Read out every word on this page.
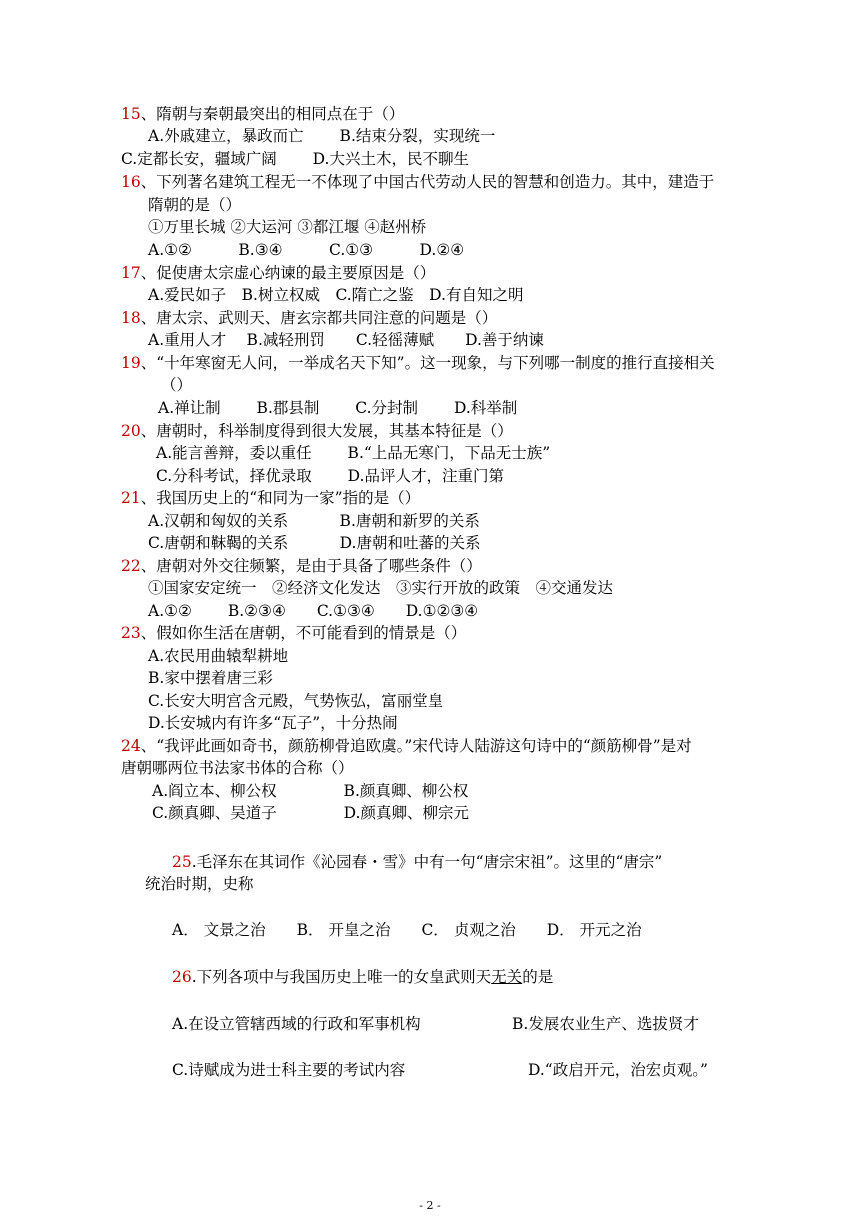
15、隋朝与秦朝最突出的相同点在于（）
A.外戚建立，暴政而亡　　 B.结束分裂，实现统一
C.定都长安，疆域广阔　　 D.大兴土木，民不聊生
16、下列著名建筑工程无一不体现了中国古代劳动人民的智慧和创造力。其中，建造于
隋朝的是（）
①万里长城 ②大运河 ③都江堰 ④赵州桥
A.①②　　　B.③④　　　C.①③　　　D.②④
17、促使唐太宗虚心纳谏的最主要原因是（）
A.爱民如子　B.树立权威　C.隋亡之鉴　D.有自知之明
18、唐太宗、武则天、唐玄宗都共同注意的问题是（）
A.重用人才　 B.减轻刑罚　　C.轻徭薄赋　　D.善于纳谏
19、“十年寒窗无人问，一举成名天下知”。这一现象，与下列哪一制度的推行直接相关
（）
A.禅让制　　 B.郡县制　　 C.分封制　　 D.科举制
20、唐朝时，科举制度得到很大发展，其基本特征是（）
A.能言善辩，委以重任　　 B.“上品无寒门，下品无士族”
C.分科考试，择优录取　　 D.品评人才，注重门第
21、我国历史上的“和同为一家”指的是（）
A.汉朝和匈奴的关系　　　 B.唐朝和新罗的关系
C.唐朝和靺鞨的关系　　　 D.唐朝和吐蕃的关系
22、唐朝对外交往频繁，是由于具备了哪些条件（）
①国家安定统一　②经济文化发达　③实行开放的政策　④交通发达
A.①②　　 B.②③④　　C.①③④　　D.①②③④
23、假如你生活在唐朝，不可能看到的情景是（）
A.农民用曲辕犁耕地
B.家中摆着唐三彩
C.长安大明宫含元殿，气势恢弘，富丽堂皇
D.长安城内有许多“瓦子”，十分热闹
24、“我评此画如奇书，颜筋柳骨追欧虞。”宋代诗人陆游这句诗中的“颜筋柳骨”是对
唐朝哪两位书法家书体的合称（）
A.阎立本、柳公权　　　　 B.颜真卿、柳公权
C.颜真卿、吴道子　　　　 D.颜真卿、柳宗元
25.毛泽东在其词作《沁园春・雪》中有一句“唐宗宋祖”。这里的“唐宗”
统治时期，史称
A． 文景之治　　B． 开皇之治　　C． 贞观之治　　D． 开元之治
26.下列各项中与我国历史上唯一的女皇武则天无关的是
A.在设立管辖西域的行政和军事机构	B.发展农业生产、选拔贤才
C.诗赋成为进士科主要的考试内容	D.“政启开元，治宏贞观。”
- 2 -
